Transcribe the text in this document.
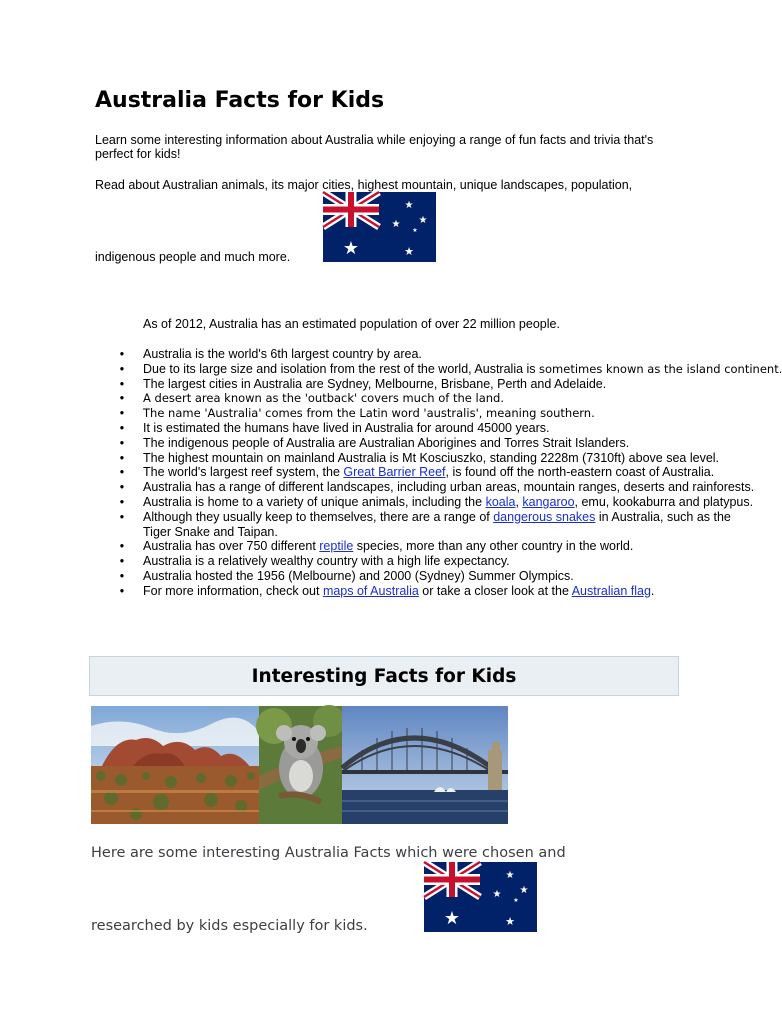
Australia Facts for Kids
Learn some interesting information about Australia while enjoying a range of fun facts and trivia that's perfect for kids!
Read about Australian animals, its major cities, highest mountain, unique landscapes, population,
indigenous people and much more.	★	★
★
★
★
★
As of 2012, Australia has an estimated population of over 22 million people.
• Australia is the world's 6th largest country by area.
• Due to its large size and isolation from the rest of the world, Australia is sometimes known as the island continent.
• The largest cities in Australia are Sydney, Melbourne, Brisbane, Perth and Adelaide.
• A desert area known as the 'outback' covers much of the land.
• The name 'Australia' comes from the Latin word 'australis', meaning southern.
• It is estimated the humans have lived in Australia for around 45000 years.
• The indigenous people of Australia are Australian Aborigines and Torres Strait Islanders.
• The highest mountain on mainland Australia is Mt Kosciuszko, standing 2228m (7310ft) above sea level.
• The world's largest reef system, the Great Barrier Reef, is found off the north-eastern coast of Australia.
• Australia has a range of different landscapes, including urban areas, mountain ranges, deserts and rainforests.
• Australia is home to a variety of unique animals, including the koala, kangaroo, emu, kookaburra and platypus.
• Although they usually keep to themselves, there are a range of dangerous snakes in Australia, such as the
Tiger Snake and Taipan.
• Australia has over 750 different reptile species, more than any other country in the world.
• Australia is a relatively wealthy country with a high life expectancy.
• Australia hosted the 1956 (Melbourne) and 2000 (Sydney) Summer Olympics.
• For more information, check out maps of Australia or take a closer look at the Australian flag.
Interesting Facts for Kids
Here are some interesting Australia Facts which were chosen and
researched by kids especially for kids.	★	★
★
★
★
★
